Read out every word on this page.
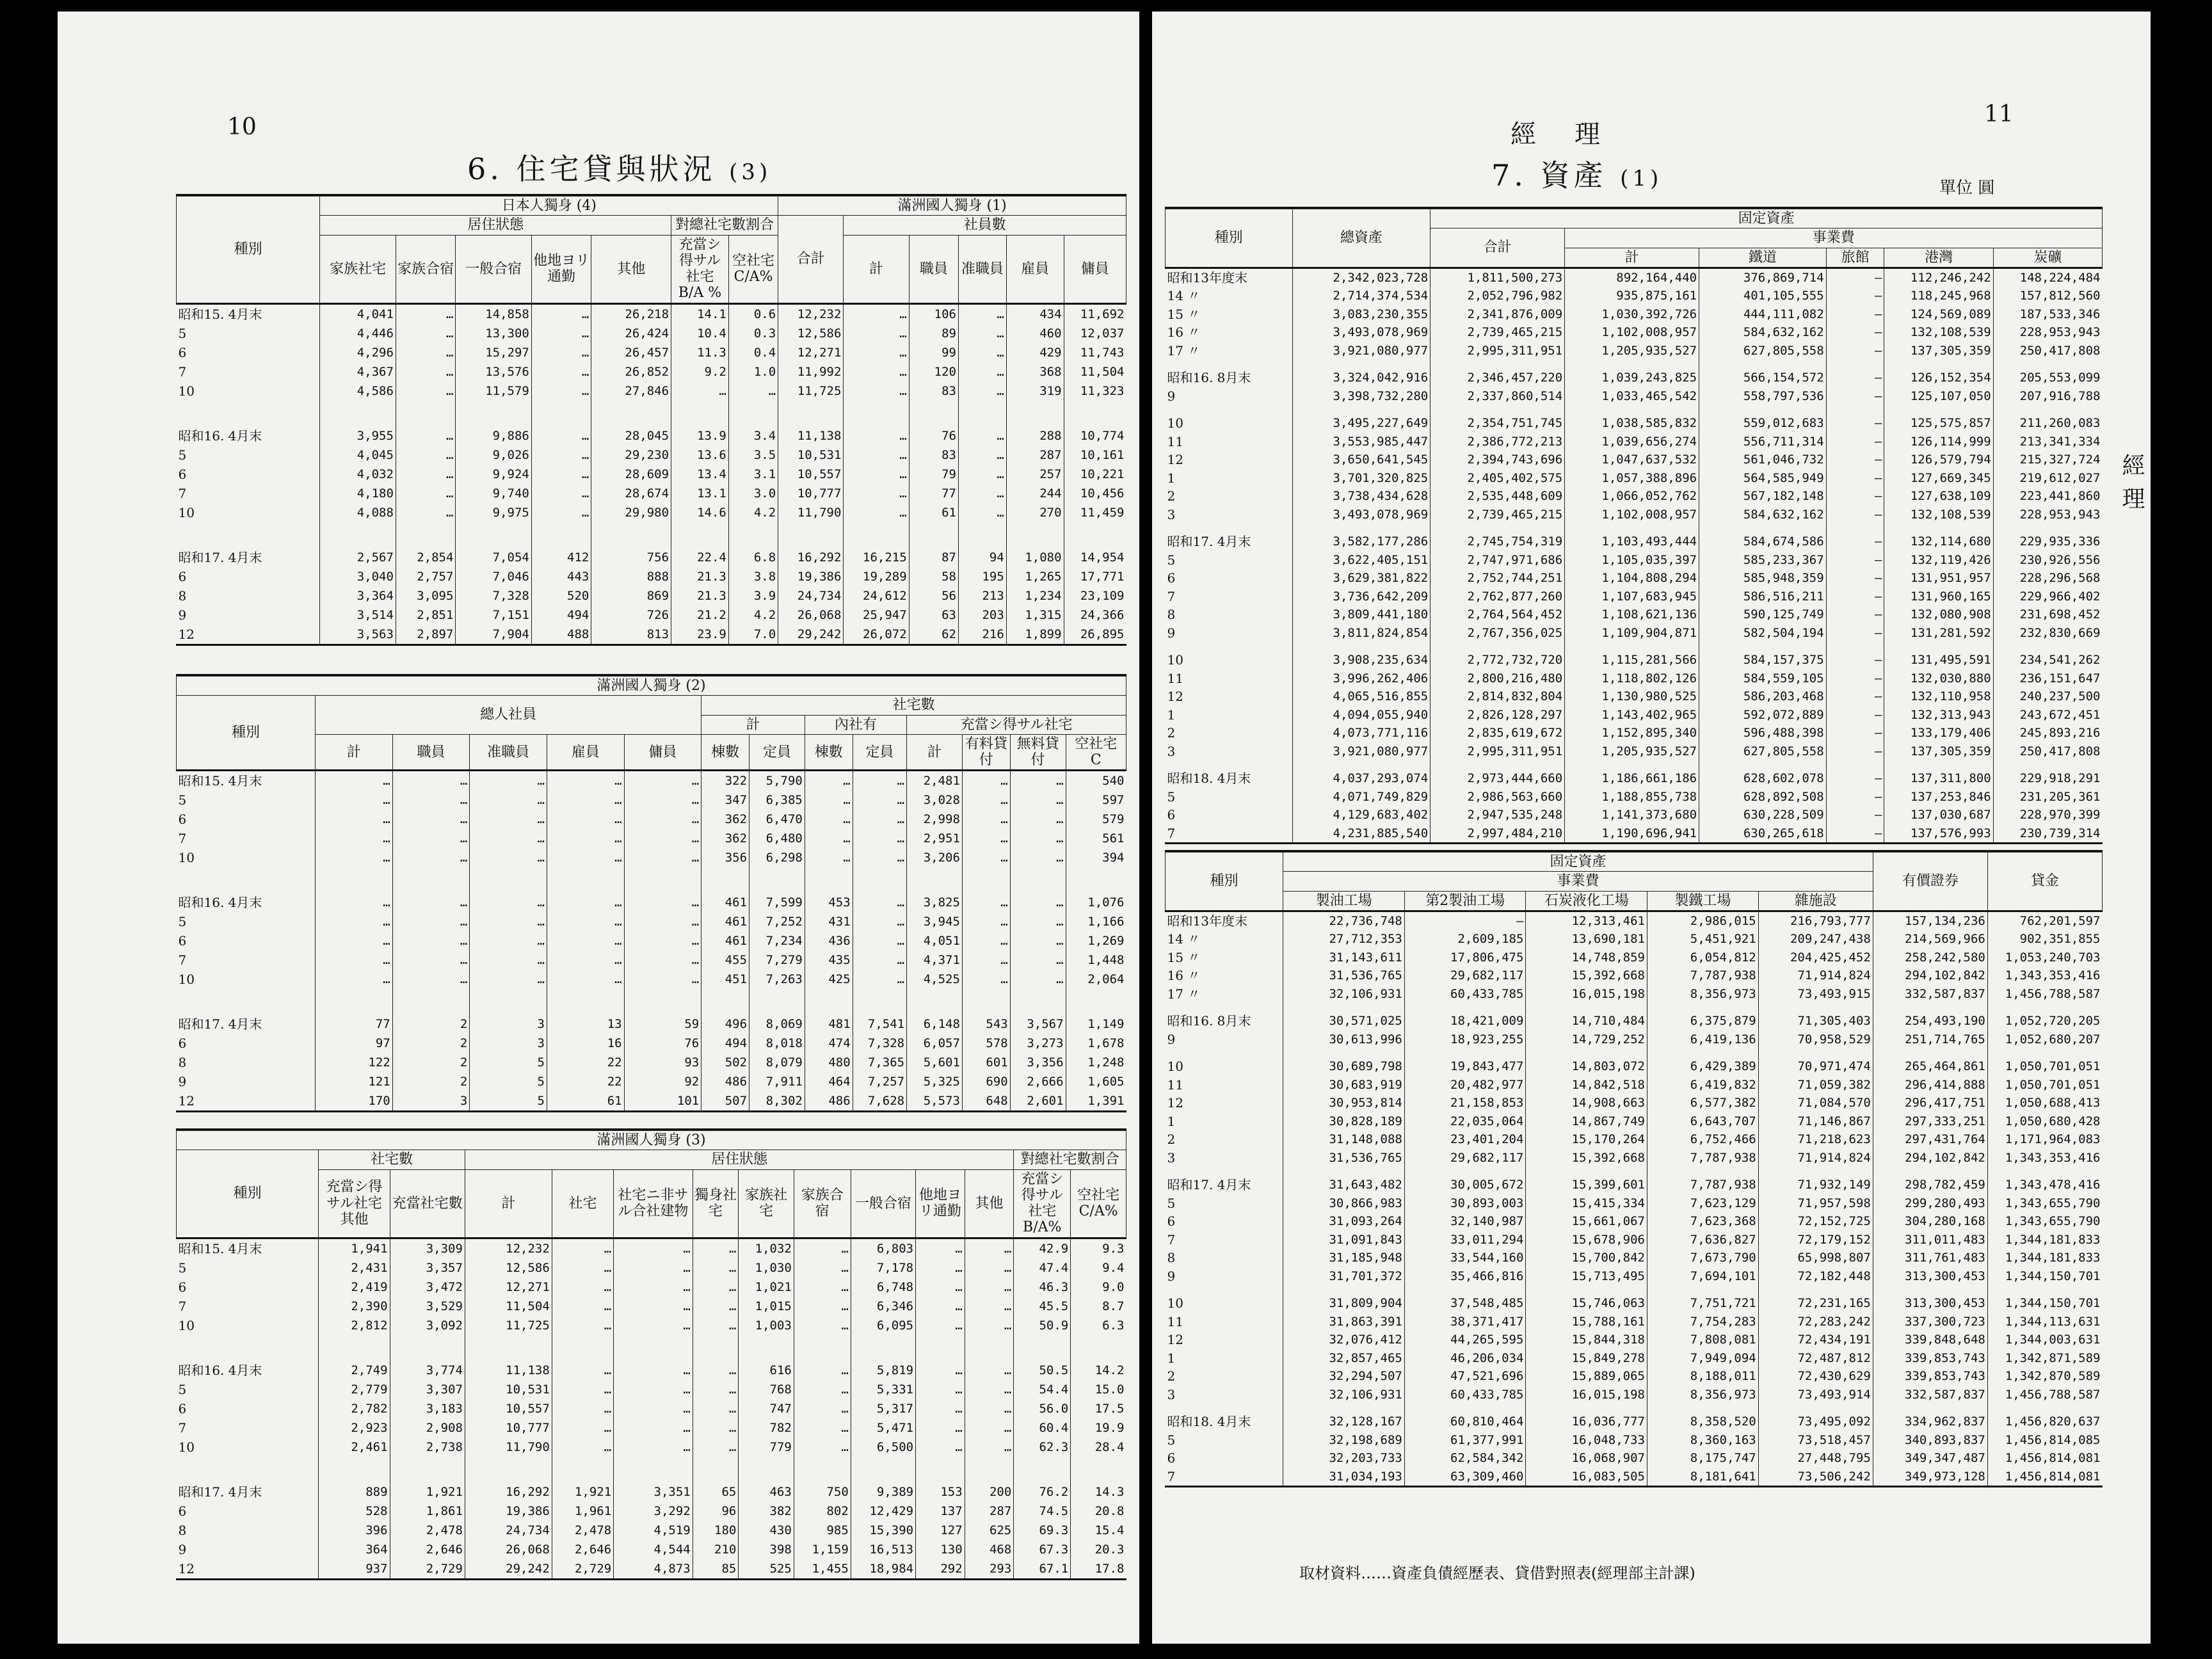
10
6. 住宅貸與狀況 (3)
種別	日本人獨身 (4)							滿洲國人獨身 (1)					
	居住狀態					對總社宅數割合		合計	社員數				
	家族社宅	家族合宿	一般合宿	他地ヨリ通勤	其他	充當シ得サル社宅 B/A %	空社宅 C/A%		計	職員	准職員	雇員	傭員
昭和15. 4月末	4,041	…	14,858	…	26,218	14.1	0.6	12,232	…	106	…	434	11,692
5	4,446	…	13,300	…	26,424	10.4	0.3	12,586	…	89	…	460	12,037
6	4,296	…	15,297	…	26,457	11.3	0.4	12,271	…	99	…	429	11,743
7	4,367	…	13,576	…	26,852	9.2	1.0	11,992	…	120	…	368	11,504
10	4,586	…	11,579	…	27,846	…	…	11,725	…	83	…	319	11,323

昭和16. 4月末	3,955	…	9,886	…	28,045	13.9	3.4	11,138	…	76	…	288	10,774
5	4,045	…	9,026	…	29,230	13.6	3.5	10,531	…	83	…	287	10,161
6	4,032	…	9,924	…	28,609	13.4	3.1	10,557	…	79	…	257	10,221
7	4,180	…	9,740	…	28,674	13.1	3.0	10,777	…	77	…	244	10,456
10	4,088	…	9,975	…	29,980	14.6	4.2	11,790	…	61	…	270	11,459

昭和17. 4月末	2,567	2,854	7,054	412	756	22.4	6.8	16,292	16,215	87	94	1,080	14,954
6	3,040	2,757	7,046	443	888	21.3	3.8	19,386	19,289	58	195	1,265	17,771
8	3,364	3,095	7,328	520	869	21.3	3.9	24,734	24,612	56	213	1,234	23,109
9	3,514	2,851	7,151	494	726	21.2	4.2	26,068	25,947	63	203	1,315	24,366
12	3,563	2,897	7,904	488	813	23.9	7.0	29,242	26,072	62	216	1,899	26,895
滿洲國人獨身 (2)													
種別	總人社員					社宅數							
						計		內社有		充當シ得サル社宅			
	計	職員	准職員	雇員	傭員	棟數	定員	棟數	定員	計	有料貸付	無料貸付	空社宅 C
昭和15. 4月末	…	…	…	…	…	322	5,790	…	…	2,481	…	…	540
5	…	…	…	…	…	347	6,385	…	…	3,028	…	…	597
6	…	…	…	…	…	362	6,470	…	…	2,998	…	…	579
7	…	…	…	…	…	362	6,480	…	…	2,951	…	…	561
10	…	…	…	…	…	356	6,298	…	…	3,206	…	…	394

昭和16. 4月末	…	…	…	…	…	461	7,599	453	…	3,825	…	…	1,076
5	…	…	…	…	…	461	7,252	431	…	3,945	…	…	1,166
6	…	…	…	…	…	461	7,234	436	…	4,051	…	…	1,269
7	…	…	…	…	…	455	7,279	435	…	4,371	…	…	1,448
10	…	…	…	…	…	451	7,263	425	…	4,525	…	…	2,064

昭和17. 4月末	77	2	3	13	59	496	8,069	481	7,541	6,148	543	3,567	1,149
6	97	2	3	16	76	494	8,018	474	7,328	6,057	578	3,273	1,678
8	122	2	5	22	93	502	8,079	480	7,365	5,601	601	3,356	1,248
9	121	2	5	22	92	486	7,911	464	7,257	5,325	690	2,666	1,605
12	170	3	5	61	101	507	8,302	486	7,628	5,573	648	2,601	1,391
滿洲國人獨身 (3)													
種別	社宅數		居住狀態									對總社宅數割合	
	充當シ得サル社宅 其他	充當社宅數	計	社宅	社宅ニ非サル合社建物	獨身社宅	家族社宅	家族合宿	一般合宿	他地ヨリ通勤	其他	充當シ得サル社宅 B/A%	空社宅 C/A%
昭和15. 4月末	1,941	3,309	12,232	…	…	…	1,032	…	6,803	…	…	42.9	9.3
5	2,431	3,357	12,586	…	…	…	1,030	…	7,178	…	…	47.4	9.4
6	2,419	3,472	12,271	…	…	…	1,021	…	6,748	…	…	46.3	9.0
7	2,390	3,529	11,504	…	…	…	1,015	…	6,346	…	…	45.5	8.7
10	2,812	3,092	11,725	…	…	…	1,003	…	6,095	…	…	50.9	6.3

昭和16. 4月末	2,749	3,774	11,138	…	…	…	616	…	5,819	…	…	50.5	14.2
5	2,779	3,307	10,531	…	…	…	768	…	5,331	…	…	54.4	15.0
6	2,782	3,183	10,557	…	…	…	747	…	5,317	…	…	56.0	17.5
7	2,923	2,908	10,777	…	…	…	782	…	5,471	…	…	60.4	19.9
10	2,461	2,738	11,790	…	…	…	779	…	6,500	…	…	62.3	28.4

昭和17. 4月末	889	1,921	16,292	1,921	3,351	65	463	750	9,389	153	200	76.2	14.3
6	528	1,861	19,386	1,961	3,292	96	382	802	12,429	137	287	74.5	20.8
8	396	2,478	24,734	2,478	4,519	180	430	985	15,390	127	625	69.3	15.4
9	364	2,646	26,068	2,646	4,544	210	398	1,159	16,513	130	468	67.3	20.3
12	937	2,729	29,242	2,729	4,873	85	525	1,455	18,984	292	293	67.1	17.8
11
經理
7. 資產 (1)	單位 圓
經理
種別	總資產	固定資產					
		合計	事業費				
			計	鐵道	旅館	港灣	炭礦
昭和13年度末	2,342,023,728	1,811,500,273	892,164,440	376,869,714	—	112,246,242	148,224,484
14 〃	2,714,374,534	2,052,796,982	935,875,161	401,105,555	—	118,245,968	157,812,560
15 〃	3,083,230,355	2,341,876,009	1,030,392,726	444,111,082	—	124,569,089	187,533,346
16 〃	3,493,078,969	2,739,465,215	1,102,008,957	584,632,162	—	132,108,539	228,953,943
17 〃	3,921,080,977	2,995,311,951	1,205,935,527	627,805,558	—	137,305,359	250,417,808

昭和16. 8月末	3,324,042,916	2,346,457,220	1,039,243,825	566,154,572	—	126,152,354	205,553,099
9	3,398,732,280	2,337,860,514	1,033,465,542	558,797,536	—	125,107,050	207,916,788

10	3,495,227,649	2,354,751,745	1,038,585,832	559,012,683	—	125,575,857	211,260,083
11	3,553,985,447	2,386,772,213	1,039,656,274	556,711,314	—	126,114,999	213,341,334
12	3,650,641,545	2,394,743,696	1,047,637,532	561,046,732	—	126,579,794	215,327,724
1	3,701,320,825	2,405,402,575	1,057,388,896	564,585,949	—	127,669,345	219,612,027
2	3,738,434,628	2,535,448,609	1,066,052,762	567,182,148	—	127,638,109	223,441,860
3	3,493,078,969	2,739,465,215	1,102,008,957	584,632,162	—	132,108,539	228,953,943

昭和17. 4月末	3,582,177,286	2,745,754,319	1,103,493,444	584,674,586	—	132,114,680	229,935,336
5	3,622,405,151	2,747,971,686	1,105,035,397	585,233,367	—	132,119,426	230,926,556
6	3,629,381,822	2,752,744,251	1,104,808,294	585,948,359	—	131,951,957	228,296,568
7	3,736,642,209	2,762,877,260	1,107,683,945	586,516,211	—	131,960,165	229,966,402
8	3,809,441,180	2,764,564,452	1,108,621,136	590,125,749	—	132,080,908	231,698,452
9	3,811,824,854	2,767,356,025	1,109,904,871	582,504,194	—	131,281,592	232,830,669

10	3,908,235,634	2,772,732,720	1,115,281,566	584,157,375	—	131,495,591	234,541,262
11	3,996,262,406	2,800,216,480	1,118,802,126	584,559,105	—	132,030,880	236,151,647
12	4,065,516,855	2,814,832,804	1,130,980,525	586,203,468	—	132,110,958	240,237,500
1	4,094,055,940	2,826,128,297	1,143,402,965	592,072,889	—	132,313,943	243,672,451
2	4,073,771,116	2,835,619,672	1,152,895,340	596,488,398	—	133,179,406	245,893,216
3	3,921,080,977	2,995,311,951	1,205,935,527	627,805,558	—	137,305,359	250,417,808

昭和18. 4月末	4,037,293,074	2,973,444,660	1,186,661,186	628,602,078	—	137,311,800	229,918,291
5	4,071,749,829	2,986,563,660	1,188,855,738	628,892,508	—	137,253,846	231,205,361
6	4,129,683,402	2,947,535,248	1,141,373,680	630,228,509	—	137,030,687	228,970,399
7	4,231,885,540	2,997,484,210	1,190,696,941	630,265,618	—	137,576,993	230,739,314
種別	固定資產					有價證券	貸金
	事業費						
	製油工場	第2製油工場	石炭液化工場	製鐵工場	雜施設		
昭和13年度末	22,736,748	—	12,313,461	2,986,015	216,793,777	157,134,236	762,201,597
14 〃	27,712,353	2,609,185	13,690,181	5,451,921	209,247,438	214,569,966	902,351,855
15 〃	31,143,611	17,806,475	14,748,859	6,054,812	204,425,452	258,242,580	1,053,240,703
16 〃	31,536,765	29,682,117	15,392,668	7,787,938	71,914,824	294,102,842	1,343,353,416
17 〃	32,106,931	60,433,785	16,015,198	8,356,973	73,493,915	332,587,837	1,456,788,587

昭和16. 8月末	30,571,025	18,421,009	14,710,484	6,375,879	71,305,403	254,493,190	1,052,720,205
9	30,613,996	18,923,255	14,729,252	6,419,136	70,958,529	251,714,765	1,052,680,207

10	30,689,798	19,843,477	14,803,072	6,429,389	70,971,474	265,464,861	1,050,701,051
11	30,683,919	20,482,977	14,842,518	6,419,832	71,059,382	296,414,888	1,050,701,051
12	30,953,814	21,158,853	14,908,663	6,577,382	71,084,570	296,417,751	1,050,688,413
1	30,828,189	22,035,064	14,867,749	6,643,707	71,146,867	297,333,251	1,050,680,428
2	31,148,088	23,401,204	15,170,264	6,752,466	71,218,623	297,431,764	1,171,964,083
3	31,536,765	29,682,117	15,392,668	7,787,938	71,914,824	294,102,842	1,343,353,416

昭和17. 4月末	31,643,482	30,005,672	15,399,601	7,787,938	71,932,149	298,782,459	1,343,478,416
5	30,866,983	30,893,003	15,415,334	7,623,129	71,957,598	299,280,493	1,343,655,790
6	31,093,264	32,140,987	15,661,067	7,623,368	72,152,725	304,280,168	1,343,655,790
7	31,091,843	33,011,294	15,678,906	7,636,827	72,179,152	311,011,483	1,344,181,833
8	31,185,948	33,544,160	15,700,842	7,673,790	65,998,807	311,761,483	1,344,181,833
9	31,701,372	35,466,816	15,713,495	7,694,101	72,182,448	313,300,453	1,344,150,701

10	31,809,904	37,548,485	15,746,063	7,751,721	72,231,165	313,300,453	1,344,150,701
11	31,863,391	38,371,417	15,788,161	7,754,283	72,283,242	337,300,723	1,344,113,631
12	32,076,412	44,265,595	15,844,318	7,808,081	72,434,191	339,848,648	1,344,003,631
1	32,857,465	46,206,034	15,849,278	7,949,094	72,487,812	339,853,743	1,342,871,589
2	32,294,507	47,521,696	15,889,065	8,188,011	72,430,629	339,853,743	1,342,870,589
3	32,106,931	60,433,785	16,015,198	8,356,973	73,493,914	332,587,837	1,456,788,587

昭和18. 4月末	32,128,167	60,810,464	16,036,777	8,358,520	73,495,092	334,962,837	1,456,820,637
5	32,198,689	61,377,991	16,048,733	8,360,163	73,518,457	340,893,837	1,456,814,085
6	32,203,733	62,584,342	16,068,907	8,175,747	27,448,795	349,347,487	1,456,814,081
7	31,034,193	63,309,460	16,083,505	8,181,641	73,506,242	349,973,128	1,456,814,081
取材資料……資產負債經歷表、貸借對照表(經理部主計課)
